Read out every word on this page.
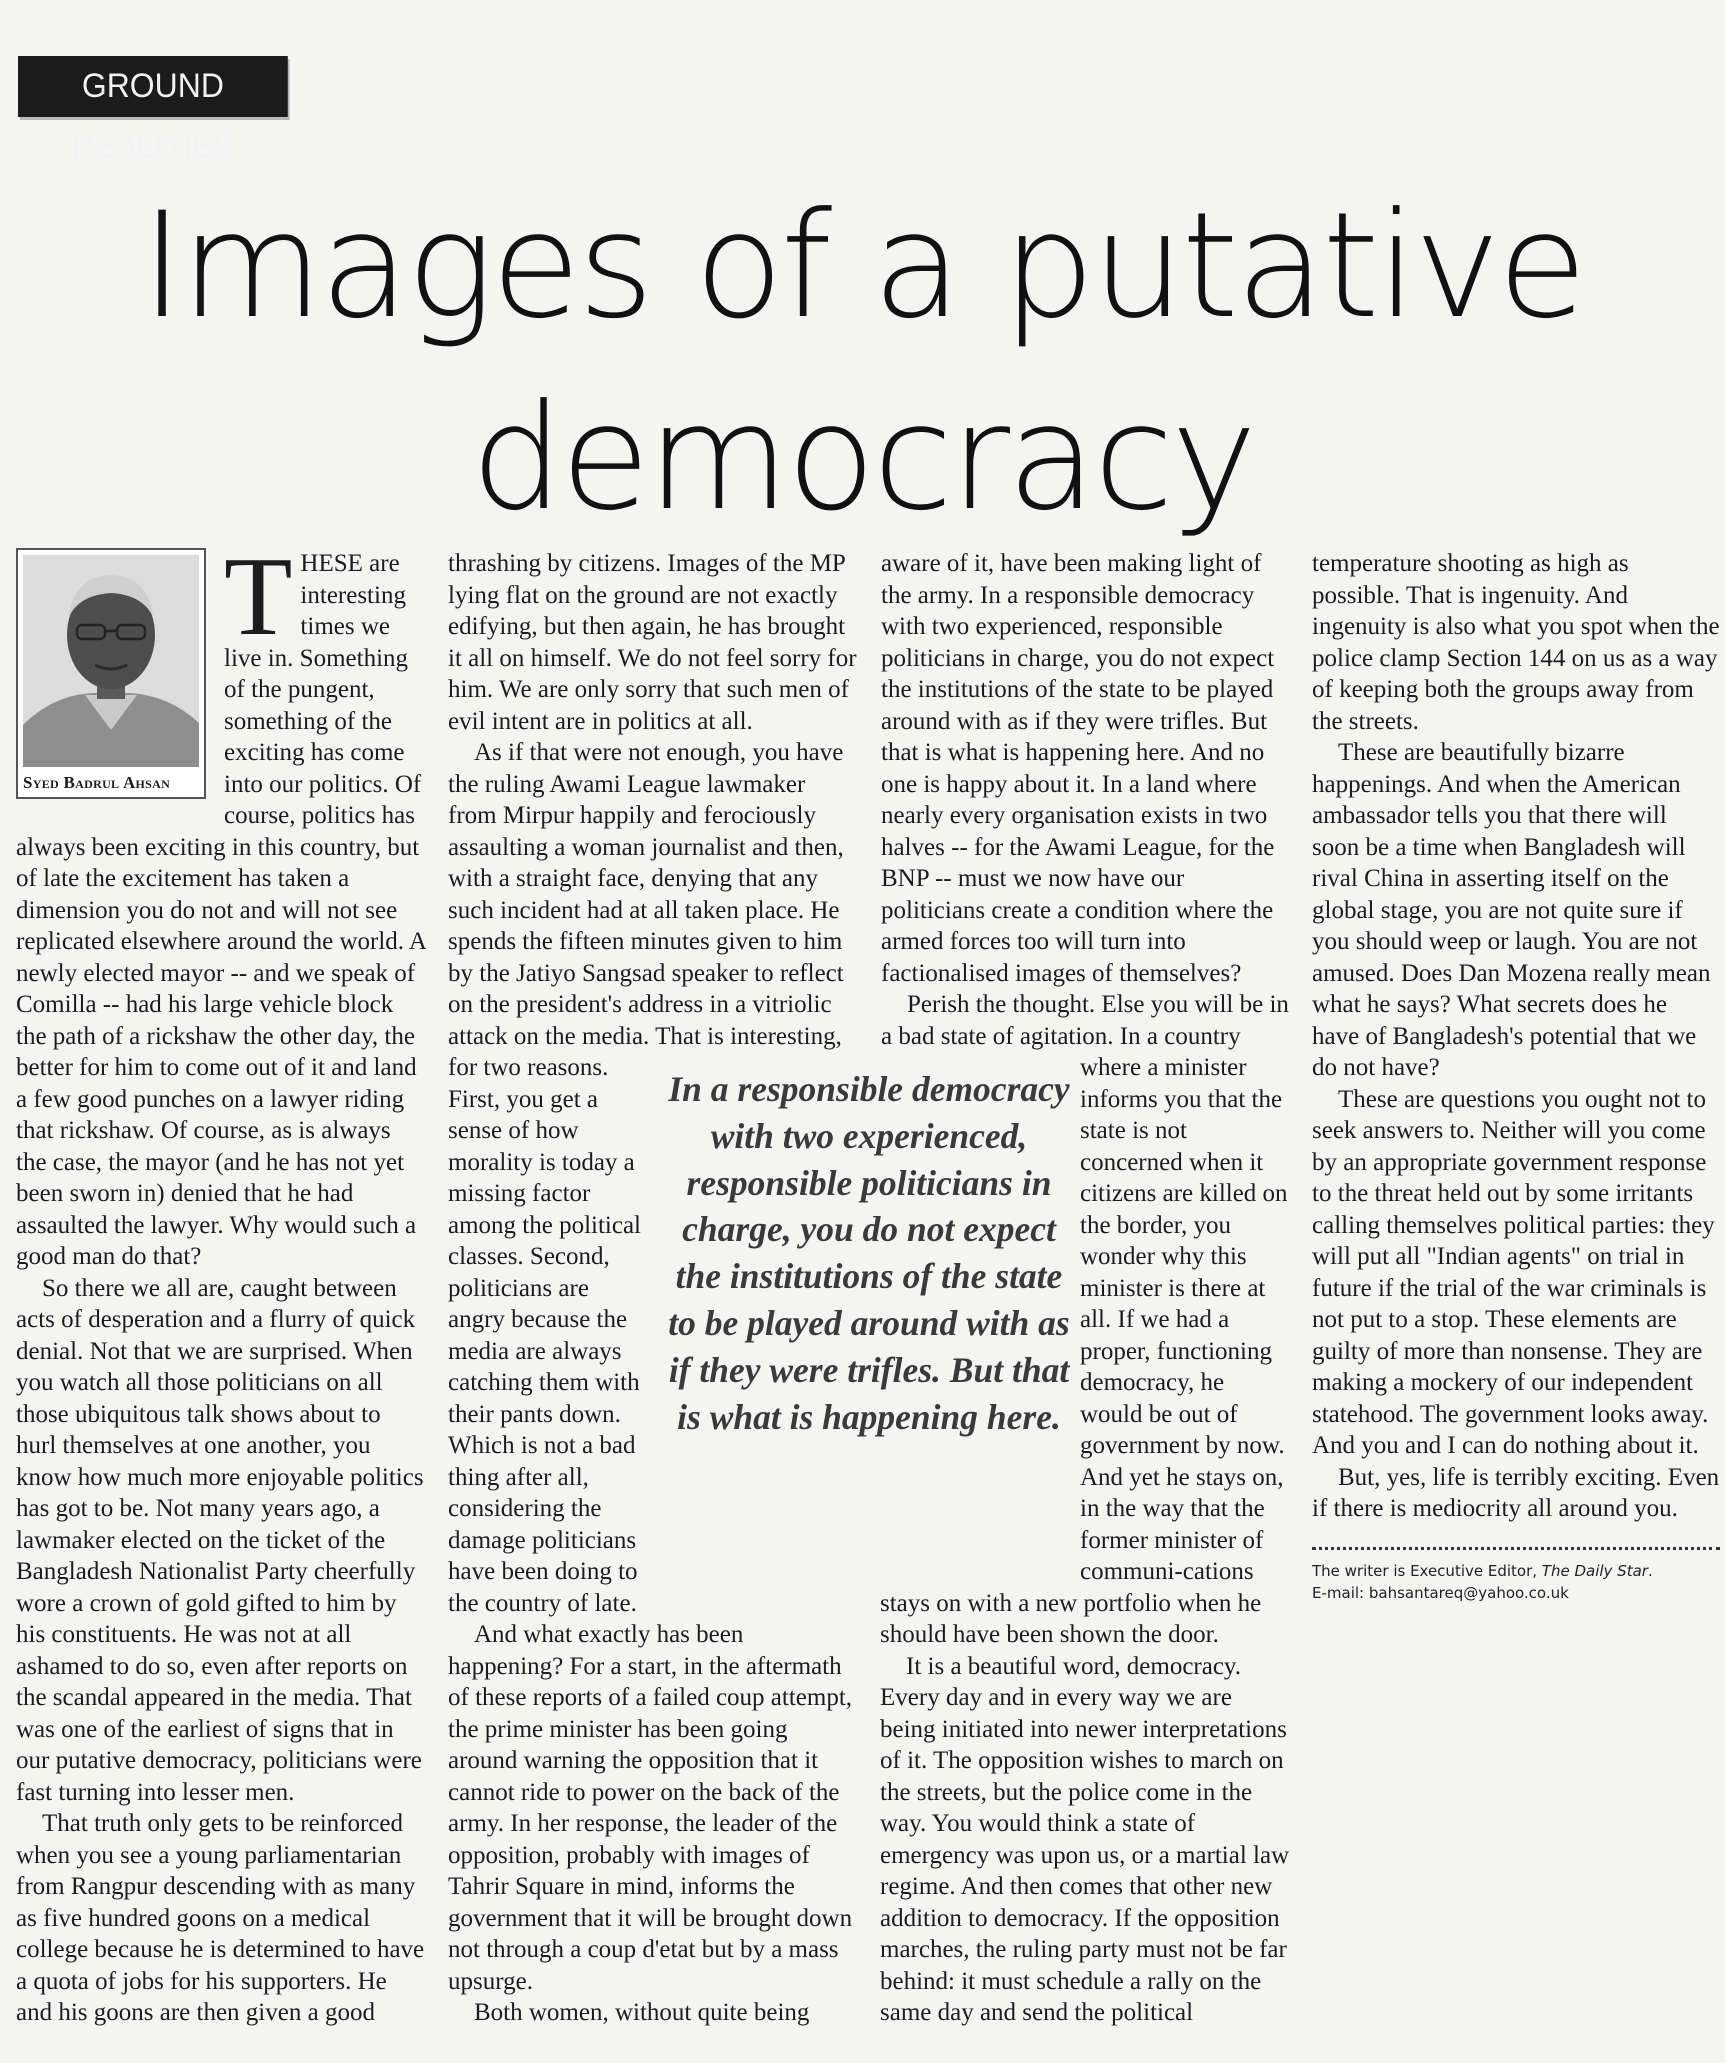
GROUND REALITIES
Images of a putative
democracy
Syed Badrul Ahsan
T HESE are interesting times we live in. Something of the pungent, something of the exciting has come into our politics. Of course, politics has always been exciting in this country, but of late the excitement has taken a dimension you do not and will not see replicated elsewhere around the world. A newly elected mayor -- and we speak of Comilla -- had his large vehicle block the path of a rickshaw the other day, the better for him to come out of it and land a few good punches on a lawyer riding that rickshaw. Of course, as is always the case, the mayor (and he has not yet been sworn in) denied that he had assaulted the lawyer. Why would such a good man do that?

So there we all are, caught between acts of desperation and a flurry of quick denial. Not that we are surprised. When you watch all those politicians on all those ubiquitous talk shows about to hurl themselves at one another, you know how much more enjoyable politics has got to be. Not many years ago, a lawmaker elected on the ticket of the Bangladesh Nationalist Party cheerfully wore a crown of gold gifted to him by his constituents. He was not at all ashamed to do so, even after reports on the scandal appeared in the media. That was one of the earliest of signs that in our putative democracy, politicians were fast turning into lesser men.

That truth only gets to be reinforced when you see a young parliamentarian from Rangpur descending with as many as five hundred goons on a medical college because he is determined to have a quota of jobs for his supporters. He and his goons are then given a good

thrashing by citizens. Images of the MP lying flat on the ground are not exactly edifying, but then again, he has brought it all on himself. We do not feel sorry for him. We are only sorry that such men of evil intent are in politics at all.

As if that were not enough, you have the ruling Awami League lawmaker from Mirpur happily and ferociously assaulting a woman journalist and then, with a straight face, denying that any such incident had at all taken place. He spends the fifteen minutes given to him by the Jatiyo Sangsad speaker to reflect on the president's address in a vitriolic attack on the media. That is interesting, for two reasons. First, you get a sense of how morality is today a missing factor among the political classes. Second, politicians are angry because the media are always catching them with their pants down. Which is not a bad thing after all, considering the damage politicians have been doing to the country of late.

And what exactly has been happening? For a start, in the aftermath of these reports of a failed coup attempt, the prime minister has been going around warning the opposition that it cannot ride to power on the back of the army. In her response, the leader of the opposition, probably with images of Tahrir Square in mind, informs the government that it will be brought down not through a coup d'etat but by a mass upsurge.

Both women, without quite being

aware of it, have been making light of the army. In a responsible democracy with two experienced, responsible politicians in charge, you do not expect the institutions of the state to be played around with as if they were trifles. But that is what is happening here. And no one is happy about it. In a land where nearly every organisation exists in two halves -- for the Awami League, for the BNP -- must we now have our politicians create a condition where the armed forces too will turn into factionalised images of themselves?

Perish the thought. Else you will be in a bad state of agitation. In a country where a minister informs you that the state is not concerned when it citizens are killed on the border, you wonder why this minister is there at all. If we had a proper, functioning democracy, he would be out of government by now. And yet he stays on, in the way that the former minister of communi-cations stays on with a new portfolio when he should have been shown the door.

It is a beautiful word, democracy. Every day and in every way we are being initiated into newer interpretations of it. The opposition wishes to march on the streets, but the police come in the way. You would think a state of emergency was upon us, or a martial law regime. And then comes that other new addition to democracy. If the opposition marches, the ruling party must not be far behind: it must schedule a rally on the same day and send the political

temperature shooting as high as possible. That is ingenuity. And ingenuity is also what you spot when the police clamp Section 144 on us as a way of keeping both the groups away from the streets.

These are beautifully bizarre happenings. And when the American ambassador tells you that there will soon be a time when Bangladesh will rival China in asserting itself on the global stage, you are not quite sure if you should weep or laugh. You are not amused. Does Dan Mozena really mean what he says? What secrets does he have of Bangladesh's potential that we do not have?

These are questions you ought not to seek answers to. Neither will you come by an appropriate government response to the threat held out by some irritants calling themselves political parties: they will put all "Indian agents" on trial in future if the trial of the war criminals is not put to a stop. These elements are guilty of more than nonsense. They are making a mockery of our independent statehood. The government looks away. And you and I can do nothing about it.

But, yes, life is terribly exciting. Even if there is mediocrity all around you.

The writer is Executive Editor, The Daily Star.
E-mail: bahsantareq@yahoo.co.uk
In a responsible democracy with two experienced, responsible politicians in charge, you do not expect the institutions of the state to be played around with as if they were trifles. But that is what is happening here.
